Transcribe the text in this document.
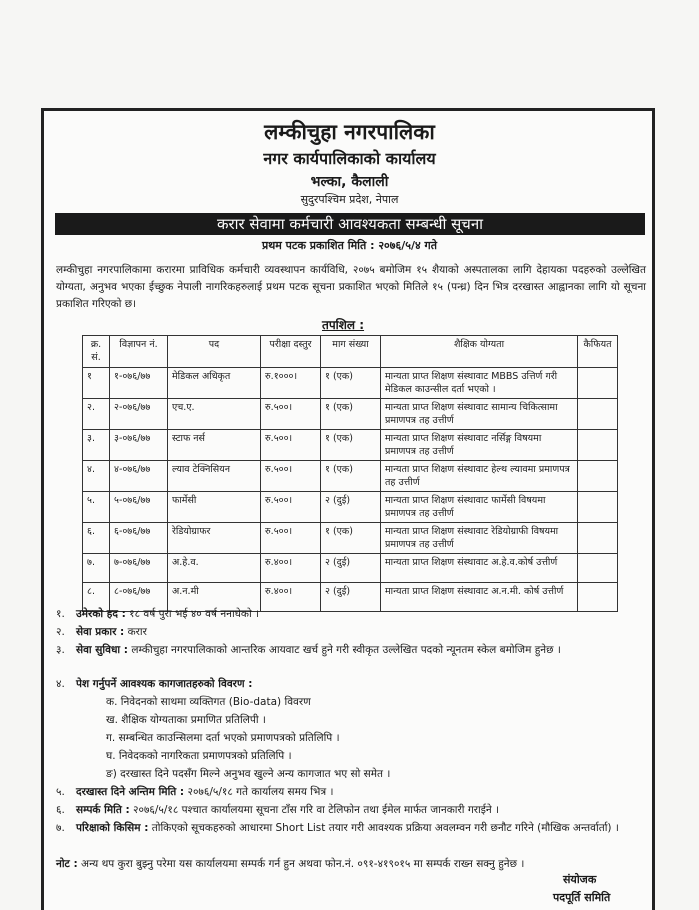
लम्कीचुहा नगरपालिका
नगर कार्यपालिकाको कार्यालय
भल्का, कैलाली
सुदुरपश्चिम प्रदेश, नेपाल
करार सेवामा कर्मचारी आवश्यकता सम्बन्धी सूचना
प्रथम पटक प्रकाशित मिति : २०७६/५/४ गते
लम्कीचुहा नगरपालिकामा करारमा प्राविधिक कर्मचारी व्यवस्थापन कार्यविधि, २०७५ बमोजिम १५ शैयाको अस्पतालका लागि देहायका पदहरुको उल्लेखित योग्यता, अनुभव भएका ईच्छुक नेपाली नागरिकहरुलाई प्रथम पटक सूचना प्रकाशित भएको मितिले १५ (पन्ध्र) दिन भित्र दरखास्त आह्वानका लागि यो सूचना प्रकाशित गरिएको छ।
तपशिल :
क्र. सं.	विज्ञापन नं.	पद	परीक्षा दस्तुर	माग संख्या	शैक्षिक योग्यता	कैफियत
१	१-०७६/७७	मेडिकल अधिकृत	रु.१०००।	१ (एक)	मान्यता प्राप्त शिक्षण संस्थावाट MBBS उत्तिर्ण गरी मेडिकल काउन्सील दर्ता भएको ।	
२.	२-०७६/७७	एच.ए.	रु.५००।	१ (एक)	मान्यता प्राप्त शिक्षण संस्थावाट सामान्य चिकित्सामा प्रमाणपत्र तह उत्तीर्ण	
३.	३-०७६/७७	स्टाफ नर्स	रु.५००।	१ (एक)	मान्यता प्राप्त शिक्षण संस्थावाट नर्सिङ्ग विषयमा प्रमाणपत्र तह उत्तीर्ण	
४.	४-०७६/७७	ल्याव टेक्निसियन	रु.५००।	१ (एक)	मान्यता प्राप्त शिक्षण संस्थावाट हेल्थ ल्यावमा प्रमाणपत्र तह उत्तीर्ण	
५.	५-०७६/७७	फार्मेसी	रु.५००।	२ (दुई)	मान्यता प्राप्त शिक्षण संस्थावाट फार्मेसी विषयमा प्रमाणपत्र तह उत्तीर्ण	
६.	६-०७६/७७	रेडियोग्राफर	रु.५००।	१ (एक)	मान्यता प्राप्त शिक्षण संस्थावाट रेडियोग्राफी विषयमा प्रमाणपत्र तह उत्तीर्ण	
७.	७-०७६/७७	अ.हे.व.	रु.४००।	२ (दुई)	मान्यता प्राप्त शिक्षण संस्थावाट अ.हे.व.कोर्ष उत्तीर्ण	
८.	८-०७६/७७	अ.न.मी	रु.४००।	२ (दुई)	मान्यता प्राप्त शिक्षण संस्थावाट अ.न.मी. कोर्ष उत्तीर्ण	
१. उमेरको हद : १८ वर्ष पुरा भई ४० वर्ष ननाघेको ।
२. सेवा प्रकार : करार
३. सेवा सुविधा : लम्कीचुहा नगरपालिकाको आन्तरिक आयवाट खर्च हुने गरी स्वीकृत उल्लेखित पदको न्यूनतम स्केल बमोजिम हुनेछ ।
४. पेश गर्नुपर्ने आवश्यक कागजातहरुको विवरण :
क. निवेदनको साथमा व्यक्तिगत (Bio-data) विवरण
ख. शैक्षिक योग्यताका प्रमाणित प्रतिलिपी ।
ग. सम्बन्धित काउन्सिलमा दर्ता भएको प्रमाणपत्रको प्रतिलिपि ।
घ. निवेदकको नागरिकता प्रमाणपत्रको प्रतिलिपि ।
ङ) दरखास्त दिने पदसँग मिल्ने अनुभव खुल्ने अन्य कागजात भए सो समेत ।
५. दरखास्त दिने अन्तिम मिति : २०७६/५/१८ गते कार्यालय समय भित्र ।
६. सम्पर्क मिति : २०७६/५/१८ पश्चात कार्यालयमा सूचना टाँस गरि वा टेलिफोन तथा ईमेल मार्फत जानकारी गराईने ।
७. परिक्षाको किसिम : तोकिएको सूचकहरुको आधारमा Short List तयार गरी आवश्यक प्रक्रिया अवलम्वन गरी छनौट गरिने (मौखिक अन्तर्वार्ता) ।
नोट : अन्य थप कुरा बुझ्नु परेमा यस कार्यालयमा सम्पर्क गर्न हुन अथवा फोन.नं. ०९१-४१९०१५ मा सम्पर्क राख्न सक्नु हुनेछ ।
संयोजक
पदपूर्ति समिति
